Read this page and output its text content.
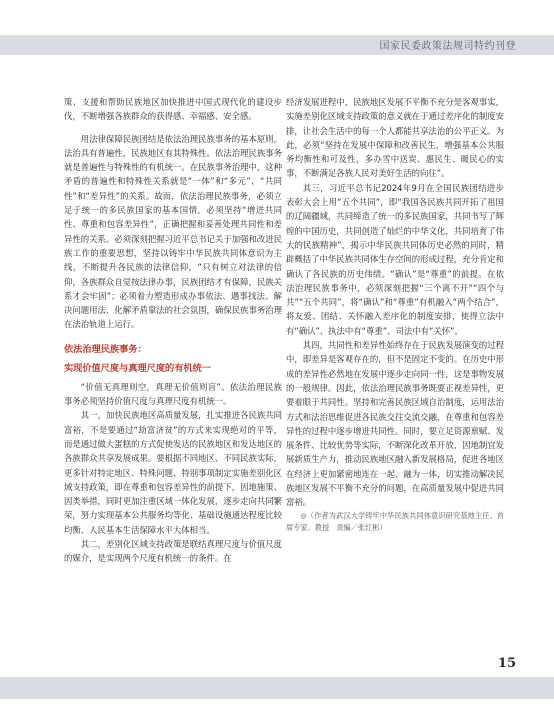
国家民委政策法规司特约刊登

策、支援和帮助民族地区加快推进中国式现代化的建设步伐，不断增强各族群众的获得感、幸福感、安全感。

用法律保障民族团结是依法治理民族事务的基本原则。法治具有普遍性，民族地区有其特殊性。依法治理民族事务就是普遍性与特殊性的有机统一。在民族事务治理中，这种矛盾的普遍性和特殊性关系就是“一体”和“多元”、“共同性”和“差异性”的关系。故而，依法治理民族事务，必须立足于统一的多民族国家的基本国情，必须坚持“增进共同性、尊重和包容差异性”，正确把握和妥善处理共同性和差异性的关系。必须深刻把握习近平总书记关于加强和改进民族工作的重要思想，坚持以铸牢中华民族共同体意识为主线，不断提升各民族的法律信仰，“只有树立对法律的信仰，各族群众自觉按法律办事，民族团结才有保障，民族关系才会牢固”；必须着力塑造形成办事依法、遇事找法、解决问题用法、化解矛盾靠法的社会氛围，确保民族事务治理在法治轨道上运行。

依法治理民族事务：
实现价值尺度与真理尺度的有机统一

“价值无真理则空，真理无价值则盲”。依法治理民族事务必须坚持价值尺度与真理尺度有机统一。

其一，加快民族地区高质量发展，扎实推进各民族共同富裕，不是要通过“劫富济贫”的方式来实现绝对的平等，而是通过做大蛋糕的方式促使发达的民族地区和发达地区的各族群众共享发展成果。要根据不同地区、不同民族实际，更多针对特定地区、特殊问题、特别事项制定实施差别化区域支持政策，即在尊重和包容差异性的前提下，因地施策、因类举措，同时更加注重区域一体化发展，逐步走向共同繁荣，努力实现基本公共服务均等化、基础设施通达程度比较均衡、人民基本生活保障水平大体相当。

其二，差别化区域支持政策是联结真理尺度与价值尺度的媒介，是实现两个尺度有机统一的条件。在

经济发展进程中，民族地区发展不平衡不充分是客观事实，实施差别化区域支持政策的意义就在于通过差序化的制度安排，让社会生活中的每一个人都能共享法治的公平正义。为此，必须“坚持在发展中保障和改善民生，增强基本公共服务均衡性和可及性，多办雪中送炭、惠民生、暖民心的实事，不断满足各族人民对美好生活的向往”。

其三，习近平总书记2024年9月在全国民族团结进步表彰大会上用“五个共同”，即“我国各民族共同开拓了祖国的辽阔疆域，共同缔造了统一的多民族国家，共同书写了辉煌的中国历史，共同创造了灿烂的中华文化，共同培育了伟大的民族精神”，揭示中华民族共同体历史必然的同时，精辟概括了中华民族共同体生存空间的形成过程，充分肯定和确认了各民族的历史伟绩。“确认”是“尊重”的前提。在依法治理民族事务中，必须深刻把握“三个离不开”“四个与共”“五个共同”，将“确认”和“尊重”有机融入“两个结合”，将友爱、团结、关怀融入差序化的制度安排，使得立法中有“确认”、执法中有“尊重”、司法中有“关怀”。

其四，共同性和差异性始终存在于民族发展演变的过程中，即差异是客观存在的，但不是固定不变的。在历史中形成的差异性必然地在发展中逐步走向同一性，这是事物发展的一般规律。因此，依法治理民族事务既要正视差异性，更要着眼于共同性。坚持和完善民族区域自治制度，运用法治方式和法治思维促进各民族交往交流交融，在尊重和包容差异性的过程中逐步增进共同性。同时，要立足资源禀赋、发展条件、比较优势等实际，不断深化改革开放，因地制宜发展新质生产力，推动民族地区融入新发展格局，促进各地区在经济上更加紧密地连在一起、融为一体，切实推动解决民族地区发展不平衡不充分的问题，在高质量发展中促进共同富裕。

◎（作者为武汉大学铸牢中华民族共同体意识研究基地主任、首席专家、教授　责编／张红彬）

15
